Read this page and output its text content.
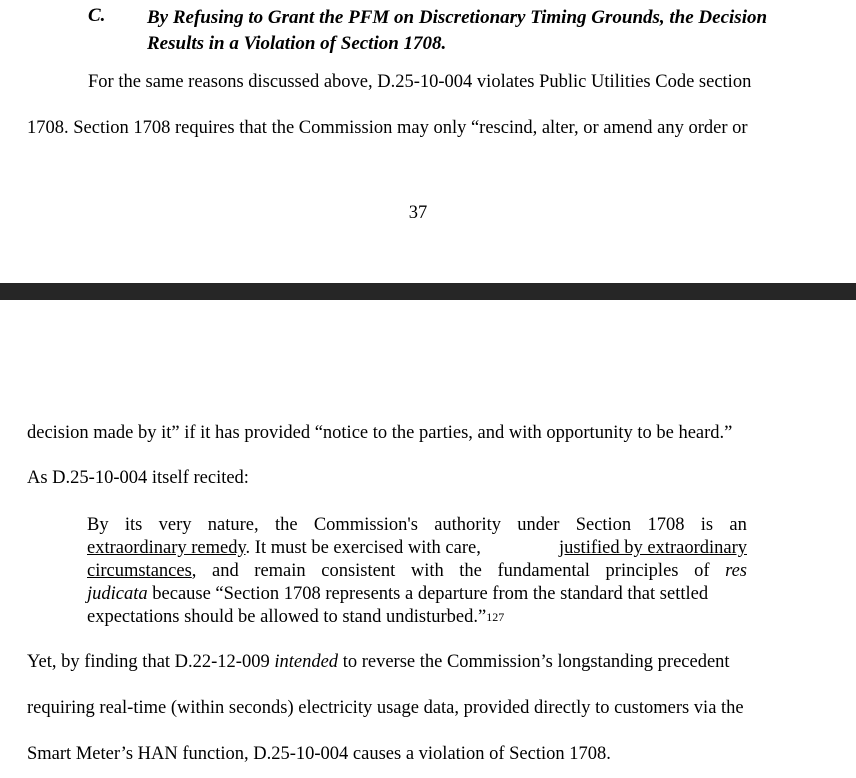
C. By Refusing to Grant the PFM on Discretionary Timing Grounds, the Decision
Results in a Violation of Section 1708.
For the same reasons discussed above, D.25-10-004 violates Public Utilities Code section
1708. Section 1708 requires that the Commission may only “rescind, alter, or amend any order or
37
decision made by it” if it has provided “notice to the parties, and with opportunity to be heard.”
As D.25-10-004 itself recited:
By its very nature, the Commission's authority under Section 1708 is an
extraordinary remedy. It must be exercised with care,	justified by extraordinary
circumstances, and remain consistent with the fundamental principles of res
judicata because “Section 1708 represents a departure from the standard that settled
expectations should be allowed to stand undisturbed.” 127
Yet, by finding that D.22-12-009 intended to reverse the Commission’s longstanding precedent
requiring real-time (within seconds) electricity usage data, provided directly to customers via the
Smart Meter’s HAN function, D.25-10-004 causes a violation of Section 1708.
